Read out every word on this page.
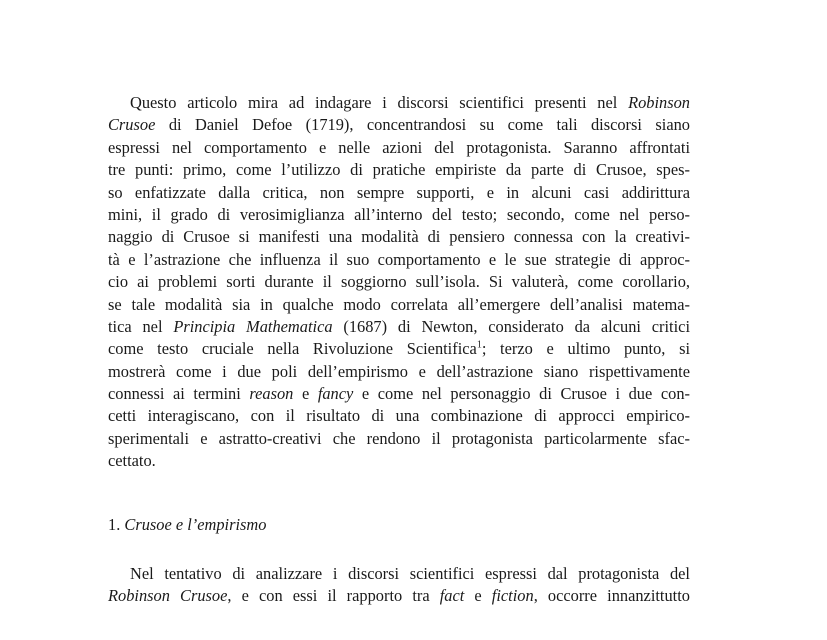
Questo articolo mira ad indagare i discorsi scientifici presenti nel Robinson
Crusoe di Daniel Defoe (1719), concentrandosi su come tali discorsi siano
espressi nel comportamento e nelle azioni del protagonista. Saranno affrontati
tre punti: primo, come l’utilizzo di pratiche empiriste da parte di Crusoe, spes-
so enfatizzate dalla critica, non sempre supporti, e in alcuni casi addirittura
mini, il grado di verosimiglianza all’interno del testo; secondo, come nel perso-
naggio di Crusoe si manifesti una modalità di pensiero connessa con la creativi-
tà e l’astrazione che influenza il suo comportamento e le sue strategie di approc-
cio ai problemi sorti durante il soggiorno sull’isola. Si valuterà, come corollario,
se tale modalità sia in qualche modo correlata all’emergere dell’analisi matema-
tica nel Principia Mathematica (1687) di Newton, considerato da alcuni critici
come testo cruciale nella Rivoluzione Scientifica$^1$; terzo e ultimo punto, si
mostrerà come i due poli dell’empirismo e dell’astrazione siano rispettivamente
connessi ai termini reason e fancy e come nel personaggio di Crusoe i due con-
cetti interagiscano, con il risultato di una combinazione di approcci empirico-
sperimentali e astratto-creativi che rendono il protagonista particolarmente sfac-
cettato.
1. Crusoe e l’empirismo
Nel tentativo di analizzare i discorsi scientifici espressi dal protagonista del
Robinson Crusoe, e con essi il rapporto tra fact e fiction, occorre innanzittutto
